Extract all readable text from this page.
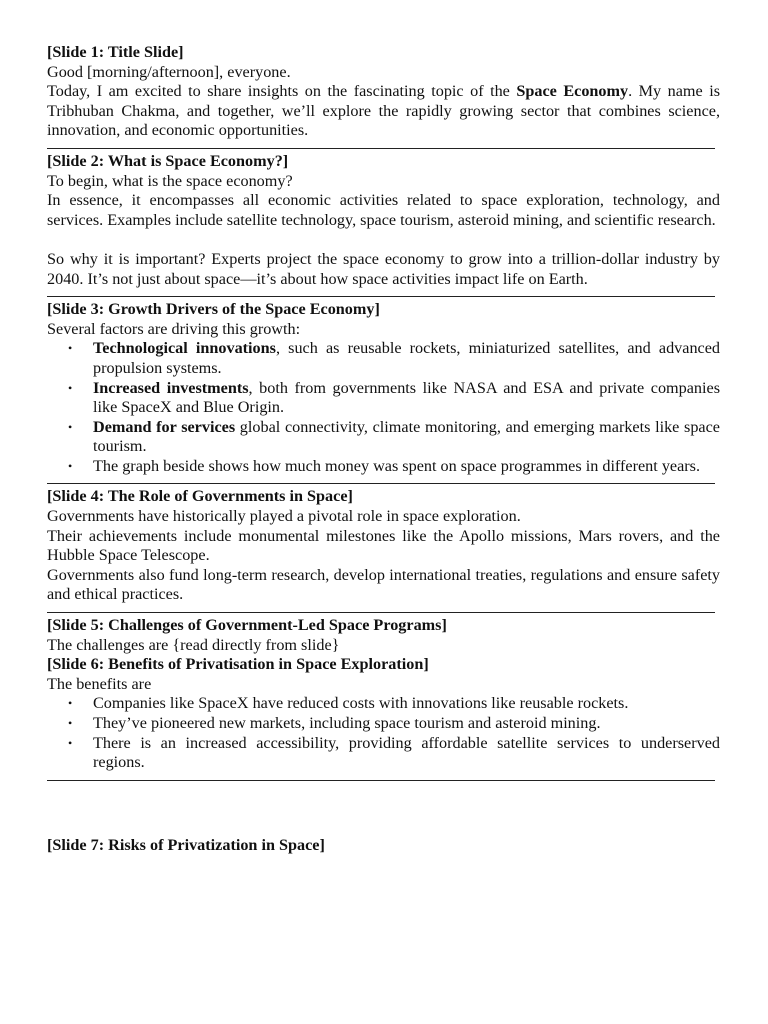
[Slide 1: Title Slide]

Good [morning/afternoon], everyone.

Today, I am excited to share insights on the fascinating topic of the Space Economy. My name is Tribhuban Chakma, and together, we’ll explore the rapidly growing sector that combines science, innovation, and economic opportunities.

[Slide 2: What is Space Economy?]

To begin, what is the space economy?

In essence, it encompasses all economic activities related to space exploration, technology, and services. Examples include satellite technology, space tourism, asteroid mining, and scientific research.

So why it is important? Experts project the space economy to grow into a trillion-dollar industry by 2040. It’s not just about space—it’s about how space activities impact life on Earth.

[Slide 3: Growth Drivers of the Space Economy]

Several factors are driving this growth:

• Technological innovations, such as reusable rockets, miniaturized satellites, and advanced propulsion systems.
• Increased investments, both from governments like NASA and ESA and private companies like SpaceX and Blue Origin.
• Demand for services global connectivity, climate monitoring, and emerging markets like space tourism.
• The graph beside shows how much money was spent on space programmes in different years.

[Slide 4: The Role of Governments in Space]

Governments have historically played a pivotal role in space exploration.

Their achievements include monumental milestones like the Apollo missions, Mars rovers, and the Hubble Space Telescope.

Governments also fund long-term research, develop international treaties, regulations and ensure safety and ethical practices.

[Slide 5: Challenges of Government-Led Space Programs]

The challenges are {read directly from slide}

[Slide 6: Benefits of Privatisation in Space Exploration]

The benefits are

• Companies like SpaceX have reduced costs with innovations like reusable rockets.
• They’ve pioneered new markets, including space tourism and asteroid mining.
• There is an increased accessibility, providing affordable satellite services to underserved regions.

[Slide 7: Risks of Privatization in Space]
